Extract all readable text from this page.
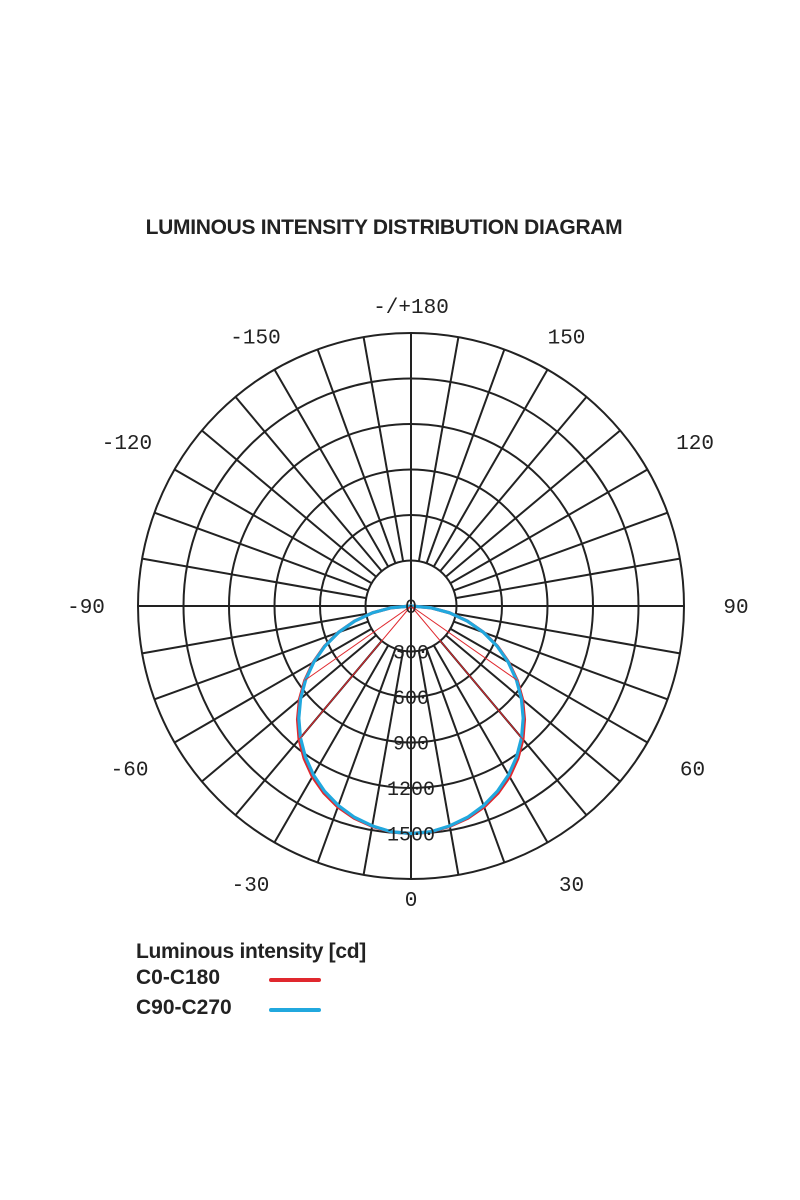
LUMINOUS INTENSITY DISTRIBUTION DIAGRAM
-/+180
-150	150
-120	120
-90	90
-60	60
-30	30
0
0
300
600
900
1200
1500
Luminous intensity [cd]
C0-C180
C90-C270
